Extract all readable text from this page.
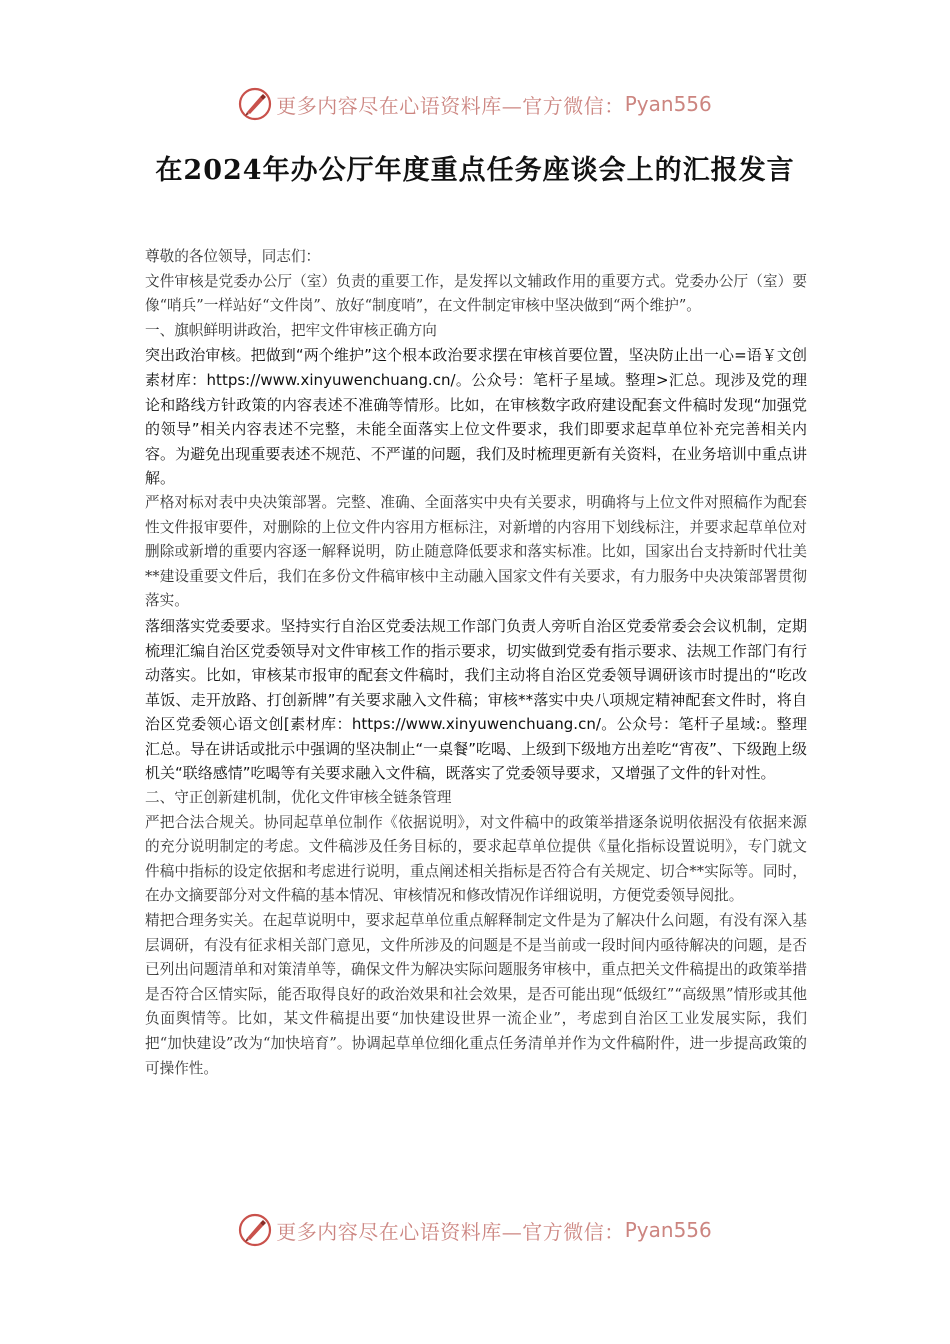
更多内容尽在心语资料库—官方微信： Pyan556
在2024年办公厅年度重点任务座谈会上的汇报发言

尊敬的各位领导，同志们：

文件审核是党委办公厅（室）负责的重要工作，是发挥以文辅政作用的重要方式。党委办公厅（室）要像“哨兵”一样站好“文件岗”、放好“制度哨”，在文件制定审核中坚决做到“两个维护”。

一、旗帜鲜明讲政治，把牢文件审核正确方向

突出政治审核。把做到“两个维护”这个根本政治要求摆在审核首要位置，坚决防止出一心=语￥文创素材库：https://www.xinyuwenchuang.cn/。公众号：笔杆子星域。整理>汇总。现涉及党的理论和路线方针政策的内容表述不准确等情形。比如，在审核数字政府建设配套文件稿时发现“加强党的领导”相关内容表述不完整，未能全面落实上位文件要求，我们即要求起草单位补充完善相关内容。为避免出现重要表述不规范、不严谨的问题，我们及时梳理更新有关资料，在业务培训中重点讲解。

严格对标对表中央决策部署。完整、准确、全面落实中央有关要求，明确将与上位文件对照稿作为配套性文件报审要件，对删除的上位文件内容用方框标注，对新增的内容用下划线标注，并要求起草单位对删除或新增的重要内容逐一解释说明，防止随意降低要求和落实标准。比如，国家出台支持新时代壮美**建设重要文件后，我们在多份文件稿审核中主动融入国家文件有关要求，有力服务中央决策部署贯彻落实。

落细落实党委要求。坚持实行自治区党委法规工作部门负责人旁听自治区党委常委会会议机制，定期梳理汇编自治区党委领导对文件审核工作的指示要求，切实做到党委有指示要求、法规工作部门有行动落实。比如，审核某市报审的配套文件稿时，我们主动将自治区党委领导调研该市时提出的“吃改革饭、走开放路、打创新牌”有关要求融入文件稿；审核**落实中央八项规定精神配套文件时，将自治区党委领心语文创[素材库：https://www.xinyuwenchuang.cn/。公众号：笔杆子星域:。整理汇总。导在讲话或批示中强调的坚决制止“一桌餐”吃喝、上级到下级地方出差吃“宵夜”、下级跑上级机关“联络感情”吃喝等有关要求融入文件稿，既落实了党委领导要求，又增强了文件的针对性。

二、守正创新建机制，优化文件审核全链条管理

严把合法合规关。协同起草单位制作《依据说明》，对文件稿中的政策举措逐条说明依据没有依据来源的充分说明制定的考虑。文件稿涉及任务目标的，要求起草单位提供《量化指标设置说明》，专门就文件稿中指标的设定依据和考虑进行说明，重点阐述相关指标是否符合有关规定、切合**实际等。同时，在办文摘要部分对文件稿的基本情况、审核情况和修改情况作详细说明，方便党委领导阅批。

精把合理务实关。在起草说明中，要求起草单位重点解释制定文件是为了解决什么问题，有没有深入基层调研，有没有征求相关部门意见，文件所涉及的问题是不是当前或一段时间内亟待解决的问题，是否已列出问题清单和对策清单等，确保文件为解决实际问题服务审核中，重点把关文件稿提出的政策举措是否符合区情实际，能否取得良好的政治效果和社会效果，是否可能出现“低级红”“高级黑”情形或其他负面舆情等。比如，某文件稿提出要“加快建设世界一流企业”，考虑到自治区工业发展实际，我们把“加快建设”改为“加快培育”。协调起草单位细化重点任务清单并作为文件稿附件，进一步提高政策的可操作性。

更多内容尽在心语资料库—官方微信： Pyan556
